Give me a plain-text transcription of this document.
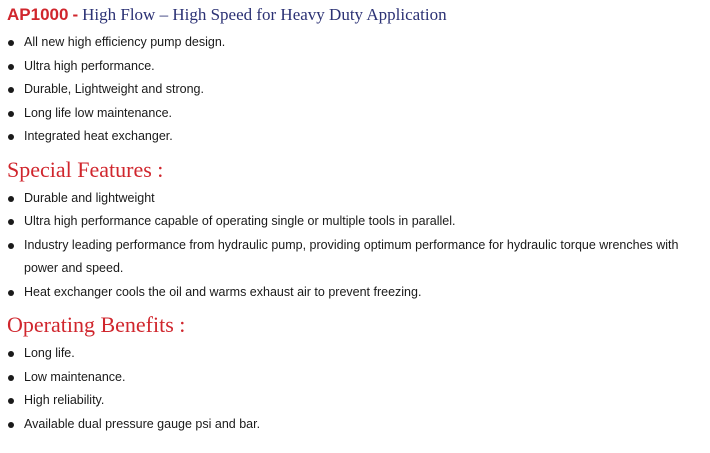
AP1000 - High Flow – High Speed for Heavy Duty Application
All new high efficiency pump design.
Ultra high performance.
Durable, Lightweight and strong.
Long life low maintenance.
Integrated heat exchanger.
Special Features :
Durable and lightweight
Ultra high performance capable of operating single or multiple tools in parallel.
Industry leading performance from hydraulic pump, providing optimum performance for hydraulic torque wrenches with power and speed.
Heat exchanger cools the oil and warms exhaust air to prevent freezing.
Operating Benefits :
Long life.
Low maintenance.
High reliability.
Available dual pressure gauge psi and bar.
